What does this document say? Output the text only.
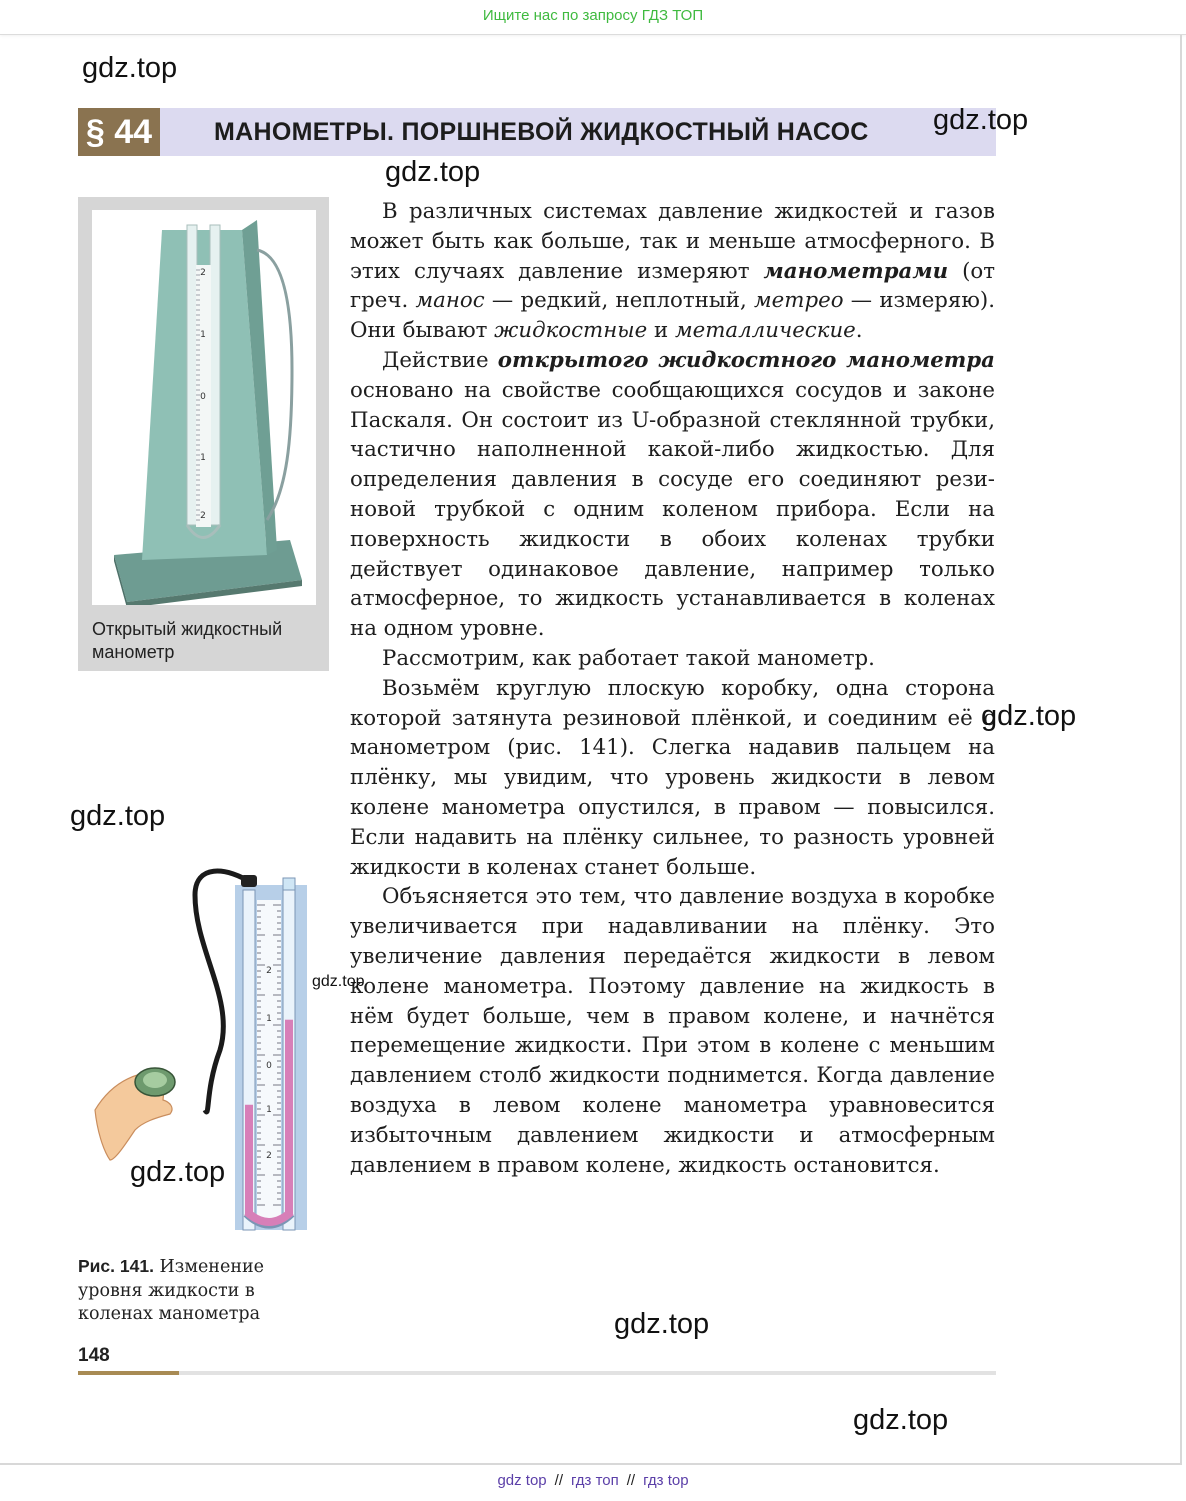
Ищите нас по запросу ГДЗ ТОП
§ 44	МАНОМЕТРЫ. ПОРШНЕВОЙ ЖИДКОСТНЫЙ НАСОС
2
1
0
1
2
Открытый жидкостный манометр

В различных системах давление жидкостей и газов может быть как больше, так и меньше атмосферного. В этих случаях давление измеряют манометрами (от греч. манос — редкий, неплотный, метрео — измеряю). Они бывают жидкостные и металлические.

Действие открытого жидкостного манометра основано на свойстве сообщающихся сосудов и законе Паскаля. Он состоит из U-образной стеклянной трубки, частично наполненной какой-либо жидкостью. Для определения давления в сосуде его соединяют резиновой трубкой с одним коленом прибора. Если на поверхность жидкости в обоих коленах трубки действует одинаковое давление, например только атмосферное, то жидкость устанавливается в коленах на одном уровне.

Рассмотрим, как работает такой манометр.

Возьмём круглую плоскую коробку, одна сторона которой затянута резиновой плёнкой, и соединим её с манометром (рис. 141). Слегка надавив пальцем на плёнку, мы увидим, что уровень жидкости в левом колене манометра опустился, в правом — повысился. Если надавить на плёнку сильнее, то разность уровней жидкости в коленах станет больше.

Объясняется это тем, что давление воздуха в коробке увеличивается при надавливании на плёнку. Это увеличение давления передаётся жидкости в левом колене манометра. Поэтому давление на жидкость в нём будет больше, чем в правом колене, и начнётся перемещение жидкости. При этом в колене с меньшим давлением столб жидкости поднимется. Когда давление воздуха в левом колене манометра уравновесится избыточным давлением жидкости и атмосферным давлением в правом колене, жидкость остановится.

2
1
0
1
2
Рис. 141. Изменение уровня жидкости в коленах манометра
148
gdz.top
gdz.top
gdz.top
gdz.top
gdz.top
gdz.top
gdz.top
gdz.top
gdz.top
gdz top // гдз топ // гдз top
